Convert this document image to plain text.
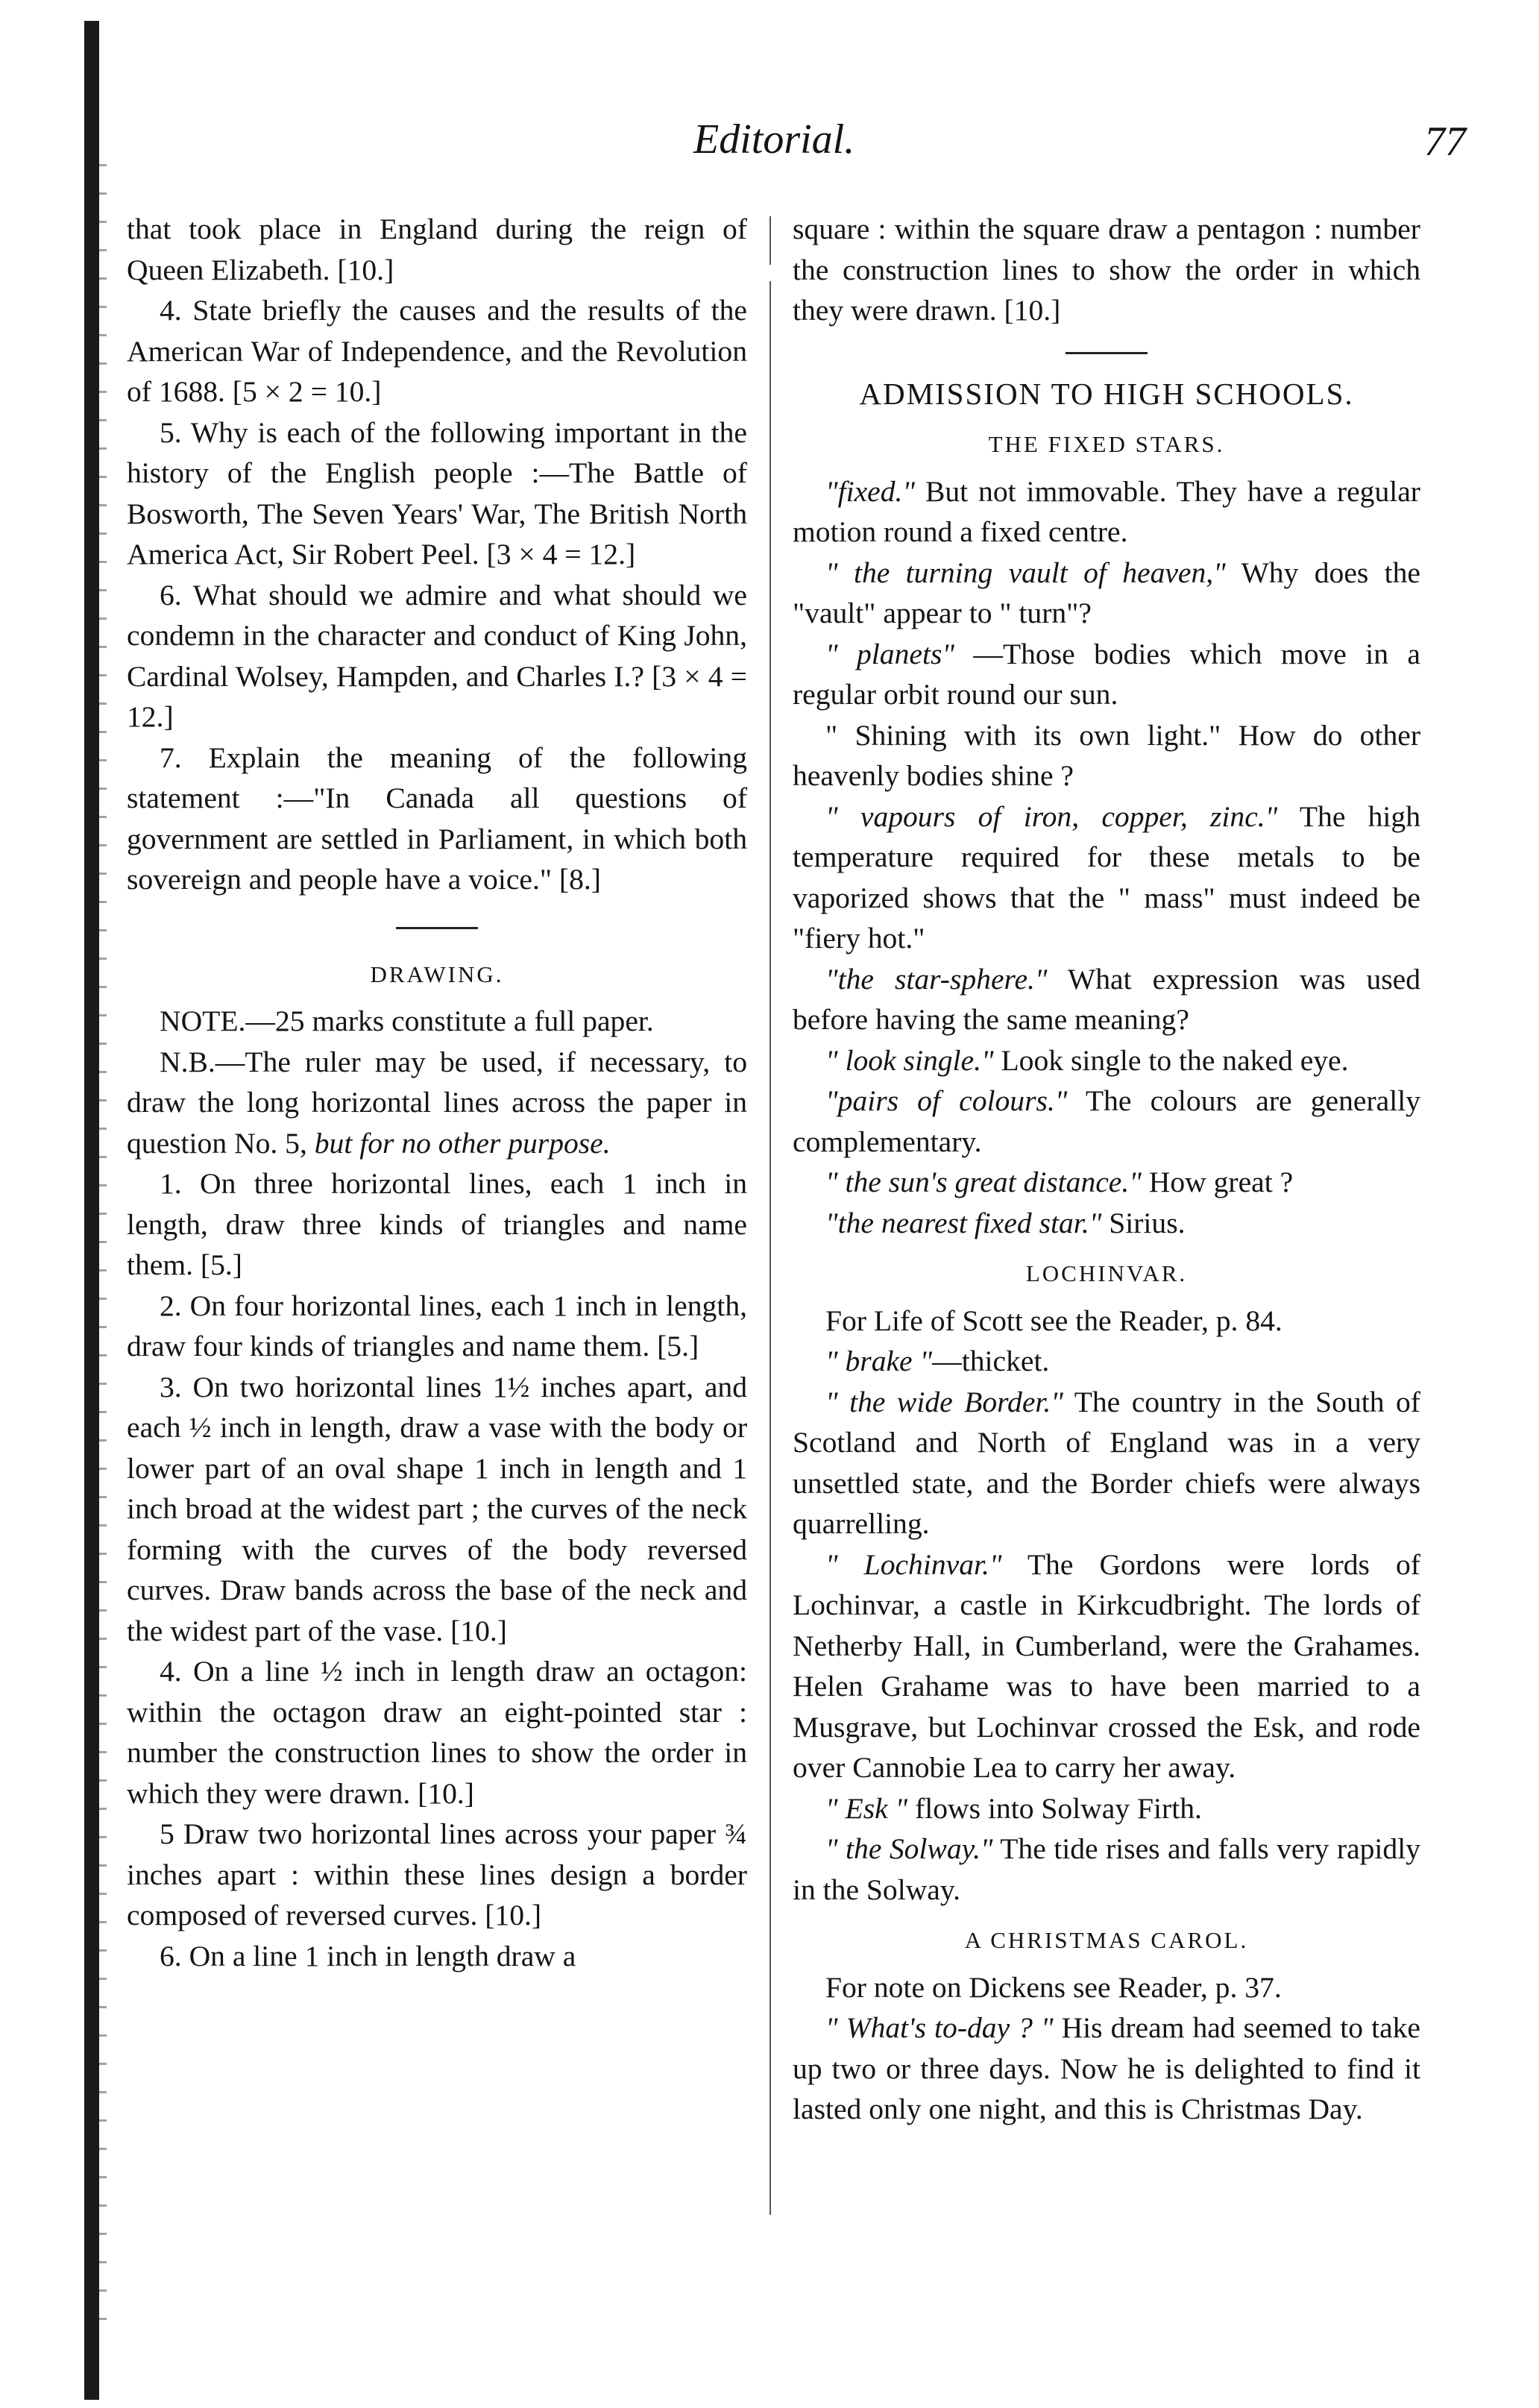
Editorial.	77

that took place in England during the reign of Queen Elizabeth. [10.]

4. State briefly the causes and the results of the American War of Independence, and the Revolution of 1688. [5 × 2 = 10.]

5. Why is each of the following important in the history of the English people :—The Battle of Bosworth, The Seven Years' War, The British North America Act, Sir Robert Peel. [3 × 4 = 12.]

6. What should we admire and what should we condemn in the character and conduct of King John, Cardinal Wolsey, Hampden, and Charles I.? [3 × 4 = 12.]

7. Explain the meaning of the following statement :—"In Canada all questions of government are settled in Parliament, in which both sovereign and people have a voice." [8.]

DRAWING.

NOTE.—25 marks constitute a full paper.

N.B.—The ruler may be used, if necessary, to draw the long horizontal lines across the paper in question No. 5, but for no other purpose.

1. On three horizontal lines, each 1 inch in length, draw three kinds of triangles and name them. [5.]

2. On four horizontal lines, each 1 inch in length, draw four kinds of triangles and name them. [5.]

3. On two horizontal lines 1½ inches apart, and each ½ inch in length, draw a vase with the body or lower part of an oval shape 1 inch in length and 1 inch broad at the widest part ; the curves of the neck forming with the curves of the body reversed curves. Draw bands across the base of the neck and the widest part of the vase. [10.]

4. On a line ½ inch in length draw an octagon: within the octagon draw an eight-pointed star : number the construction lines to show the order in which they were drawn. [10.]

5 Draw two horizontal lines across your paper ¾ inches apart : within these lines design a border composed of reversed curves. [10.]

6. On a line 1 inch in length draw a

square : within the square draw a pentagon : number the construction lines to show the order in which they were drawn. [10.]

ADMISSION TO HIGH SCHOOLS.
THE FIXED STARS.

"fixed." But not immovable. They have a regular motion round a fixed centre.

" the turning vault of heaven," Why does the "vault" appear to " turn"?

" planets" —Those bodies which move in a regular orbit round our sun.

" Shining with its own light." How do other heavenly bodies shine ?

" vapours of iron, copper, zinc." The high temperature required for these metals to be vaporized shows that the " mass" must indeed be "fiery hot."

"the star-sphere." What expression was used before having the same meaning?

" look single." Look single to the naked eye.

"pairs of colours." The colours are generally complementary.

" the sun's great distance." How great ?

"the nearest fixed star." Sirius.

LOCHINVAR.

For Life of Scott see the Reader, p. 84.

" brake "—thicket.

" the wide Border." The country in the South of Scotland and North of England was in a very unsettled state, and the Border chiefs were always quarrelling.

" Lochinvar." The Gordons were lords of Lochinvar, a castle in Kirkcudbright. The lords of Netherby Hall, in Cumberland, were the Grahames. Helen Grahame was to have been married to a Musgrave, but Lochinvar crossed the Esk, and rode over Cannobie Lea to carry her away.

" Esk " flows into Solway Firth.

" the Solway." The tide rises and falls very rapidly in the Solway.

A CHRISTMAS CAROL.

For note on Dickens see Reader, p. 37.

" What's to-day ? " His dream had seemed to take up two or three days. Now he is delighted to find it lasted only one night, and this is Christmas Day.
